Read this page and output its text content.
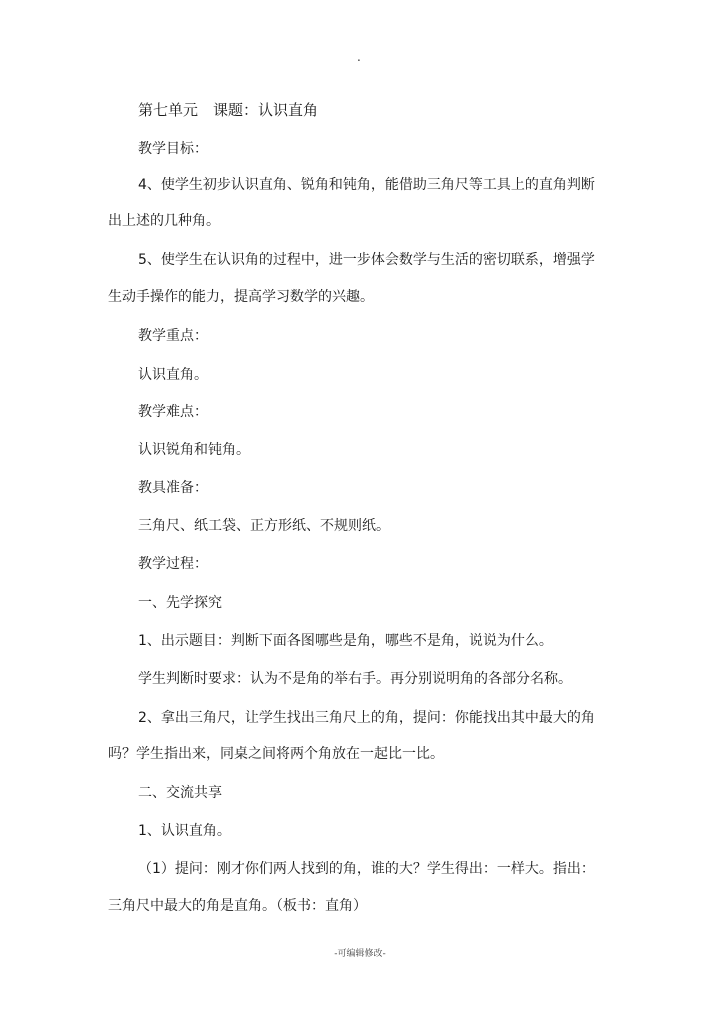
.
第七单元　课题：认识直角
教学目标：
4、使学生初步认识直角、锐角和钝角，能借助三角尺等工具上的直角判断
出上述的几种角。
5、使学生在认识角的过程中，进一步体会数学与生活的密切联系，增强学
生动手操作的能力，提高学习数学的兴趣。
教学重点：
认识直角。
教学难点：
认识锐角和钝角。
教具准备：
三角尺、纸工袋、正方形纸、不规则纸。
教学过程：
一、先学探究
1、出示题目：判断下面各图哪些是角，哪些不是角，说说为什么。
学生判断时要求：认为不是角的举右手。再分别说明角的各部分名称。
2、拿出三角尺，让学生找出三角尺上的角，提问：你能找出其中最大的角
吗？学生指出来，同桌之间将两个角放在一起比一比。
二、交流共享
1、认识直角。
（1）提问：刚才你们两人找到的角，谁的大？学生得出：一样大。指出：
三角尺中最大的角是直角。（板书：直角）
-可编辑修改-
